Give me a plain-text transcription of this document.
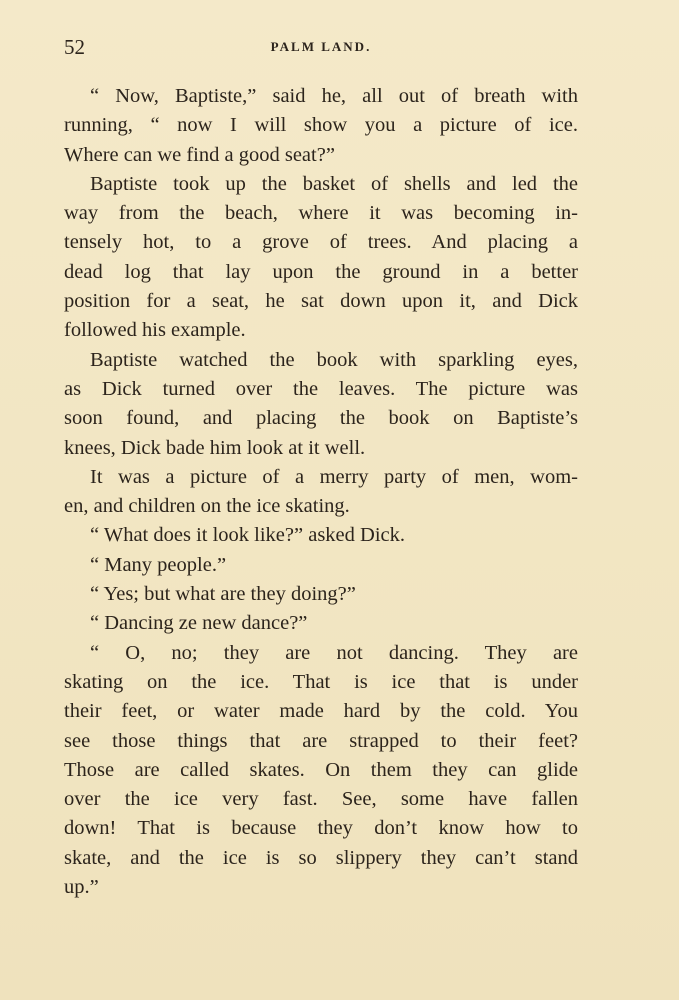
52	PALM LAND.
“ Now, Baptiste,” said he, all out of breath with
running, “ now I will show you a picture of ice.
Where can we find a good seat?”
Baptiste took up the basket of shells and led the
way from the beach, where it was becoming in-
tensely hot, to a grove of trees. And placing a
dead log that lay upon the ground in a better
position for a seat, he sat down upon it, and Dick
followed his example.
Baptiste watched the book with sparkling eyes,
as Dick turned over the leaves. The picture was
soon found, and placing the book on Baptiste’s
knees, Dick bade him look at it well.
It was a picture of a merry party of men, wom-
en, and children on the ice skating.
“ What does it look like?” asked Dick.
“ Many people.”
“ Yes; but what are they doing?”
“ Dancing ze new dance?”
“ O, no; they are not dancing. They are
skating on the ice. That is ice that is under
their feet, or water made hard by the cold. You
see those things that are strapped to their feet?
Those are called skates. On them they can glide
over the ice very fast. See, some have fallen
down! That is because they don’t know how to
skate, and the ice is so slippery they can’t stand
up.”
